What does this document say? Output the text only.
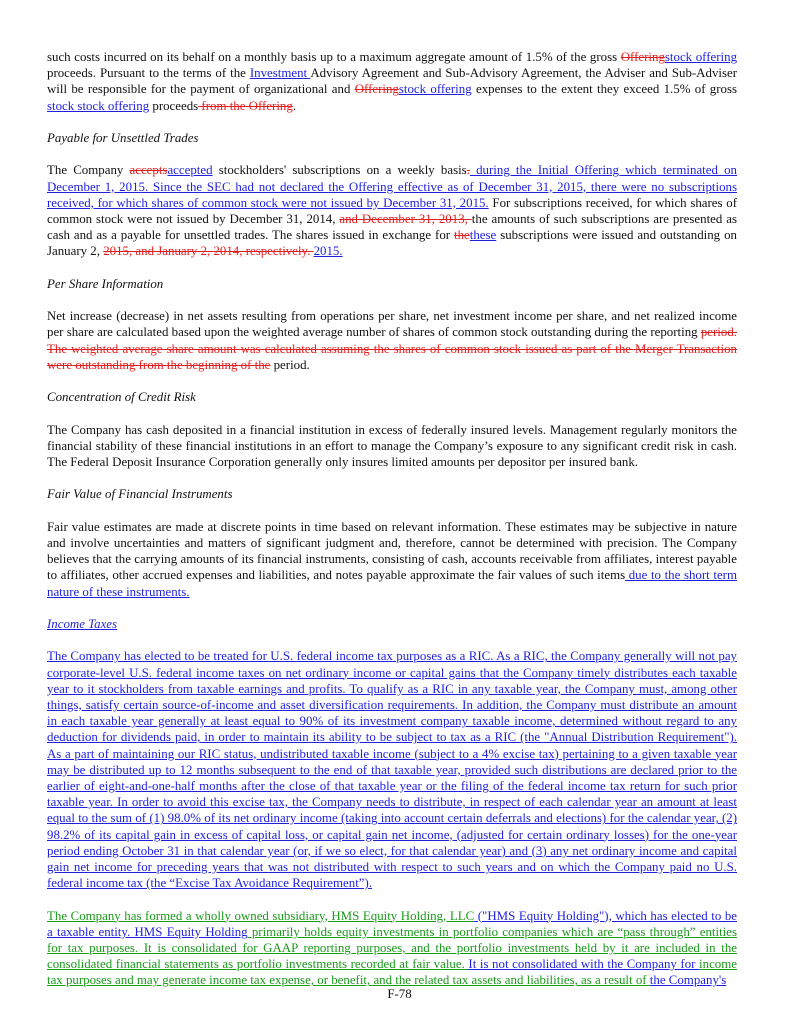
such costs incurred on its behalf on a monthly basis up to a maximum aggregate amount of 1.5% of the gross Offeringstock offering proceeds. Pursuant to the terms of the Investment Advisory Agreement and Sub-Advisory Agreement, the Adviser and Sub-Adviser will be responsible for the payment of organizational and Offeringstock offering expenses to the extent they exceed 1.5% of gross stock stock offering proceeds from the Offering.

Payable for Unsettled Trades

The Company acceptsaccepted stockholders' subscriptions on a weekly basis. during the Initial Offering which terminated on December 1, 2015. Since the SEC had not declared the Offering effective as of December 31, 2015, there were no subscriptions received, for which shares of common stock were not issued by December 31, 2015. For subscriptions received, for which shares of common stock were not issued by December 31, 2014, and December 31, 2013, the amounts of such subscriptions are presented as cash and as a payable for unsettled trades. The shares issued in exchange for thethese subscriptions were issued and outstanding on January 2, 2015, and January 2, 2014, respectively. 2015.

Per Share Information

Net increase (decrease) in net assets resulting from operations per share, net investment income per share, and net realized income per share are calculated based upon the weighted average number of shares of common stock outstanding during the reporting period. The weighted average share amount was calculated assuming the shares of common stock issued as part of the Merger Transaction were outstanding from the beginning of the period.

Concentration of Credit Risk

The Company has cash deposited in a financial institution in excess of federally insured levels. Management regularly monitors the financial stability of these financial institutions in an effort to manage the Company’s exposure to any significant credit risk in cash. The Federal Deposit Insurance Corporation generally only insures limited amounts per depositor per insured bank.

Fair Value of Financial Instruments

Fair value estimates are made at discrete points in time based on relevant information. These estimates may be subjective in nature and involve uncertainties and matters of significant judgment and, therefore, cannot be determined with precision. The Company believes that the carrying amounts of its financial instruments, consisting of cash, accounts receivable from affiliates, interest payable to affiliates, other accrued expenses and liabilities, and notes payable approximate the fair values of such items due to the short term nature of these instruments.

Income Taxes

The Company has elected to be treated for U.S. federal income tax purposes as a RIC. As a RIC, the Company generally will not pay corporate-level U.S. federal income taxes on net ordinary income or capital gains that the Company timely distributes each taxable year to it stockholders from taxable earnings and profits. To qualify as a RIC in any taxable year, the Company must, among other things, satisfy certain source-of-income and asset diversification requirements. In addition, the Company must distribute an amount in each taxable year generally at least equal to 90% of its investment company taxable income, determined without regard to any deduction for dividends paid, in order to maintain its ability to be subject to tax as a RIC (the "Annual Distribution Requirement"). As a part of maintaining our RIC status, undistributed taxable income (subject to a 4% excise tax) pertaining to a given taxable year may be distributed up to 12 months subsequent to the end of that taxable year, provided such distributions are declared prior to the earlier of eight-and-one-half months after the close of that taxable year or the filing of the federal income tax return for such prior taxable year. In order to avoid this excise tax, the Company needs to distribute, in respect of each calendar year an amount at least equal to the sum of (1) 98.0% of its net ordinary income (taking into account certain deferrals and elections) for the calendar year, (2) 98.2% of its capital gain in excess of capital loss, or capital gain net income, (adjusted for certain ordinary losses) for the one-year period ending October 31 in that calendar year (or, if we so elect, for that calendar year) and (3) any net ordinary income and capital gain net income for preceding years that was not distributed with respect to such years and on which the Company paid no U.S. federal income tax (the “Excise Tax Avoidance Requirement”).

The Company has formed a wholly owned subsidiary, HMS Equity Holding, LLC ("HMS Equity Holding"), which has elected to be a taxable entity. HMS Equity Holding primarily holds equity investments in portfolio companies which are “pass through” entities for tax purposes. It is consolidated for GAAP reporting purposes, and the portfolio investments held by it are included in the consolidated financial statements as portfolio investments recorded at fair value. It is not consolidated with the Company for income tax purposes and may generate income tax expense, or benefit, and the related tax assets and liabilities, as a result of the Company's

F-78
